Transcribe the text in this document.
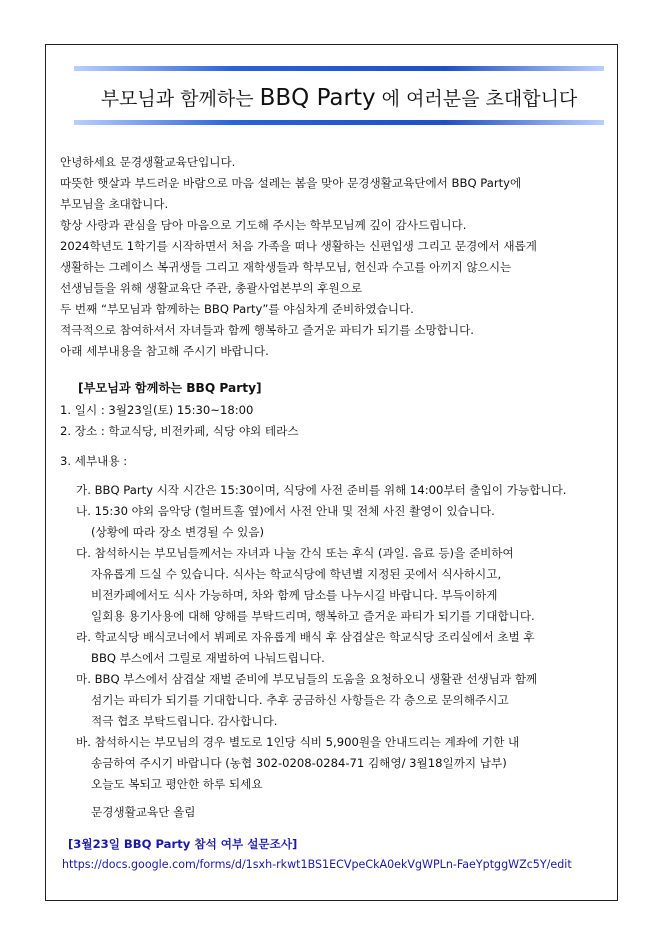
부모님과 함께하는 BBQ Party 에 여러분을 초대합니다
안녕하세요 문경생활교육단입니다.
따뜻한 햇살과 부드러운 바람으로 마음 설레는 봄을 맞아 문경생활교육단에서 BBQ Party에
부모님을 초대합니다.
항상 사랑과 관심을 담아 마음으로 기도해 주시는 학부모님께 깊이 감사드립니다.
2024학년도 1학기를 시작하면서 처음 가족을 떠나 생활하는 신편입생 그리고 문경에서 새롭게
생활하는 그레이스 복귀생들 그리고 재학생들과 학부모님, 헌신과 수고를 아끼지 않으시는
선생님들을 위해 생활교육단 주관, 총괄사업본부의 후원으로
두 번째 “부모님과 함께하는 BBQ Party”를 야심차게 준비하였습니다.
적극적으로 참여하셔서 자녀들과 함께 행복하고 즐거운 파티가 되기를 소망합니다.
아래 세부내용을 참고해 주시기 바랍니다.
[부모님과 함께하는 BBQ Party]
1. 일시 : 3월23일(토) 15:30~18:00
2. 장소 : 학교식당, 비전카페, 식당 야외 테라스
3. 세부내용 :
가. BBQ Party 시작 시간은 15:30이며, 식당에 사전 준비를 위해 14:00부터 출입이 가능합니다.
나. 15:30 야외 음악당 (헐버트홀 옆)에서 사전 안내 및 전체 사진 촬영이 있습니다.
(상황에 따라 장소 변경될 수 있음)
다. 참석하시는 부모님들께서는 자녀과 나눌 간식 또는 후식 (과일. 음료 등)을 준비하여
자유롭게 드실 수 있습니다. 식사는 학교식당에 학년별 지정된 곳에서 식사하시고,
비전카페에서도 식사 가능하며, 차와 함께 담소를 나누시길 바랍니다. 부득이하게
일회용 용기사용에 대해 양해를 부탁드리며, 행복하고 즐거운 파티가 되기를 기대합니다.
라. 학교식당 배식코너에서 뷔페로 자유롭게 배식 후 삼겹살은 학교식당 조리실에서 초벌 후
BBQ 부스에서 그릴로 재벌하여 나눠드립니다.
마. BBQ 부스에서 삼겹살 재벌 준비에 부모님들의 도움을 요청하오니 생활관 선생님과 함께
섬기는 파티가 되기를 기대합니다. 추후 궁금하신 사항들은 각 층으로 문의해주시고
적극 협조 부탁드립니다. 감사합니다.
바. 참석하시는 부모님의 경우 별도로 1인당 식비 5,900원을 안내드리는 계좌에 기한 내
송금하여 주시기 바랍니다 (농협 302-0208-0284-71 김해영/ 3월18일까지 납부)
오늘도 복되고 평안한 하루 되세요
문경생활교육단 올림
[3월23일 BBQ Party 참석 여부 설문조사]
https://docs.google.com/forms/d/1sxh-rkwt1BS1ECVpeCkA0ekVgWPLn-FaeYptggWZc5Y/edit
